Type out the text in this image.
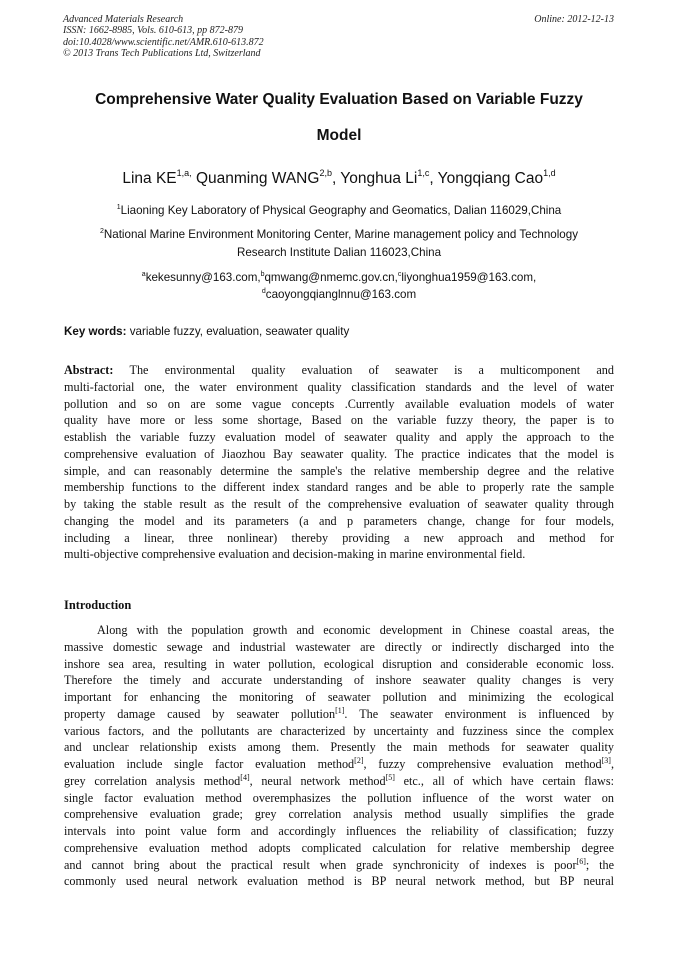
Advanced Materials Research
ISSN: 1662-8985, Vols. 610-613, pp 872-879
doi:10.4028/www.scientific.net/AMR.610-613.872
© 2013 Trans Tech Publications Ltd, Switzerland
Online: 2012-12-13
Comprehensive Water Quality Evaluation Based on Variable Fuzzy
Model
Lina $KE^{1,a,}$ Quanming WANG$^{2,b}$, Yonghua Li$^{1,c}$, Yongqiang Cao$^{1,d}$
$^1$Liaoning Key Laboratory of Physical Geography and Geomatics, Dalian 116029,China
$^2$National Marine Environment Monitoring Center, Marine management policy and Technology
Research Institute Dalian 116023,China
$^a$kekesunny@163.com,$^b$qmwang@nmemc.gov.cn,$^c$liyonghua1959@163.com,
$^d$caoyongqianglnnu@163.com
Key words: variable fuzzy, evaluation, seawater quality
Abstract: The environmental quality evaluation of seawater is a multicomponent and
multi-factorial one, the water environment quality classification standards and the level of water
pollution and so on are some vague concepts .Currently available evaluation models of water
quality have more or less some shortage, Based on the variable fuzzy theory, the paper is to
establish the variable fuzzy evaluation model of seawater quality and apply the approach to the
comprehensive evaluation of Jiaozhou Bay seawater quality. The practice indicates that the model is
simple, and can reasonably determine the sample's the relative membership degree and the relative
membership functions to the different index standard ranges and be able to properly rate the sample
by taking the stable result as the result of the comprehensive evaluation of seawater quality through
changing the model and its parameters (a and p parameters change, change for four models,
including a linear, three nonlinear) thereby providing a new approach and method for
multi-objective comprehensive evaluation and decision-making in marine environmental field.
Introduction
Along with the population growth and economic development in Chinese coastal areas, the
massive domestic sewage and industrial wastewater are directly or indirectly discharged into the
inshore sea area, resulting in water pollution, ecological disruption and considerable economic loss.
Therefore the timely and accurate understanding of inshore seawater quality changes is very
important for enhancing the monitoring of seawater pollution and minimizing the ecological
property damage caused by seawater pollution[1]. The seawater environment is influenced by
various factors, and the pollutants are characterized by uncertainty and fuzziness since the complex
and unclear relationship exists among them. Presently the main methods for seawater quality
evaluation include single factor evaluation method[2], fuzzy comprehensive evaluation method[3],
grey correlation analysis method[4], neural network method[5] etc., all of which have certain flaws:
single factor evaluation method overemphasizes the pollution influence of the worst water on
comprehensive evaluation grade; grey correlation analysis method usually simplifies the grade
intervals into point value form and accordingly influences the reliability of classification; fuzzy
comprehensive evaluation method adopts complicated calculation for relative membership degree
and cannot bring about the practical result when grade synchronicity of indexes is poor[6]; the
commonly used neural network evaluation method is BP neural network method, but BP neural
